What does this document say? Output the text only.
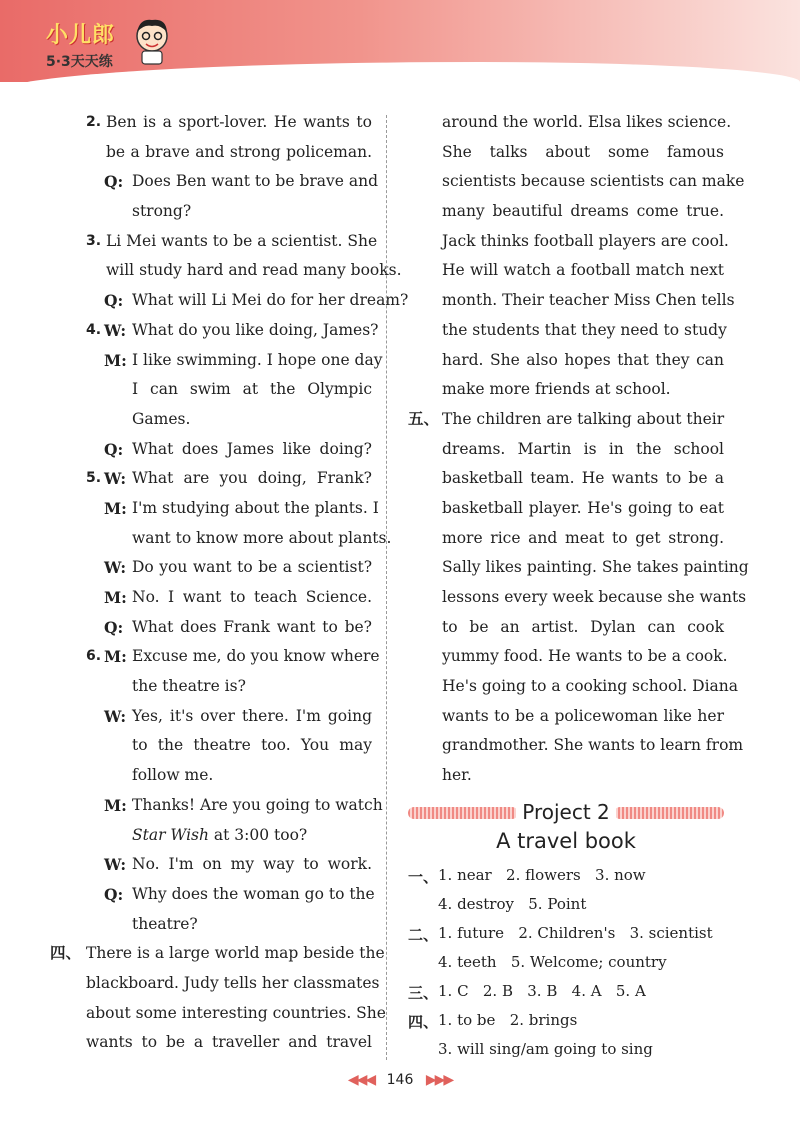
小儿郎
5·3天天练
2. Ben is a sport-lover. He wants to
be a brave and strong policeman.
Q: Does Ben want to be brave and
strong?
3. Li Mei wants to be a scientist. She
will study hard and read many books.
Q: What will Li Mei do for her dream?
4. W: What do you like doing, James?
M: I like swimming. I hope one day
I can swim at the Olympic
Games.
Q: What does James like doing?
5. W: What are you doing, Frank?
M: I'm studying about the plants. I
want to know more about plants.
W: Do you want to be a scientist?
M: No. I want to teach Science.
Q: What does Frank want to be?
6. M: Excuse me, do you know where
the theatre is?
W: Yes, it's over there. I'm going
to the theatre too. You may
follow me.
M: Thanks! Are you going to watch
Star Wish at 3:00 too?
W: No. I'm on my way to work.
Q: Why does the woman go to the
theatre?
四、 There is a large world map beside the
blackboard. Judy tells her classmates
about some interesting countries. She
wants to be a traveller and travel
around the world. Elsa likes science.
She talks about some famous
scientists because scientists can make
many beautiful dreams come true.
Jack thinks football players are cool.
He will watch a football match next
month. Their teacher Miss Chen tells
the students that they need to study
hard. She also hopes that they can
make more friends at school.
五、 The children are talking about their
dreams. Martin is in the school
basketball team. He wants to be a
basketball player. He's going to eat
more rice and meat to get strong.
Sally likes painting. She takes painting
lessons every week because she wants
to be an artist. Dylan can cook
yummy food. He wants to be a cook.
He's going to a cooking school. Diana
wants to be a policewoman like her
grandmother. She wants to learn from
her.
Project 2
A travel book
一、 1. near   2. flowers   3. now
4. destroy   5. Point
二、 1. future   2. Children's   3. scientist
4. teeth   5. Welcome; country
三、 1. C   2. B   3. B   4. A   5. A
四、 1. to be   2. brings
3. will sing/am going to sing
◀◀◀ 146 ▶▶▶
